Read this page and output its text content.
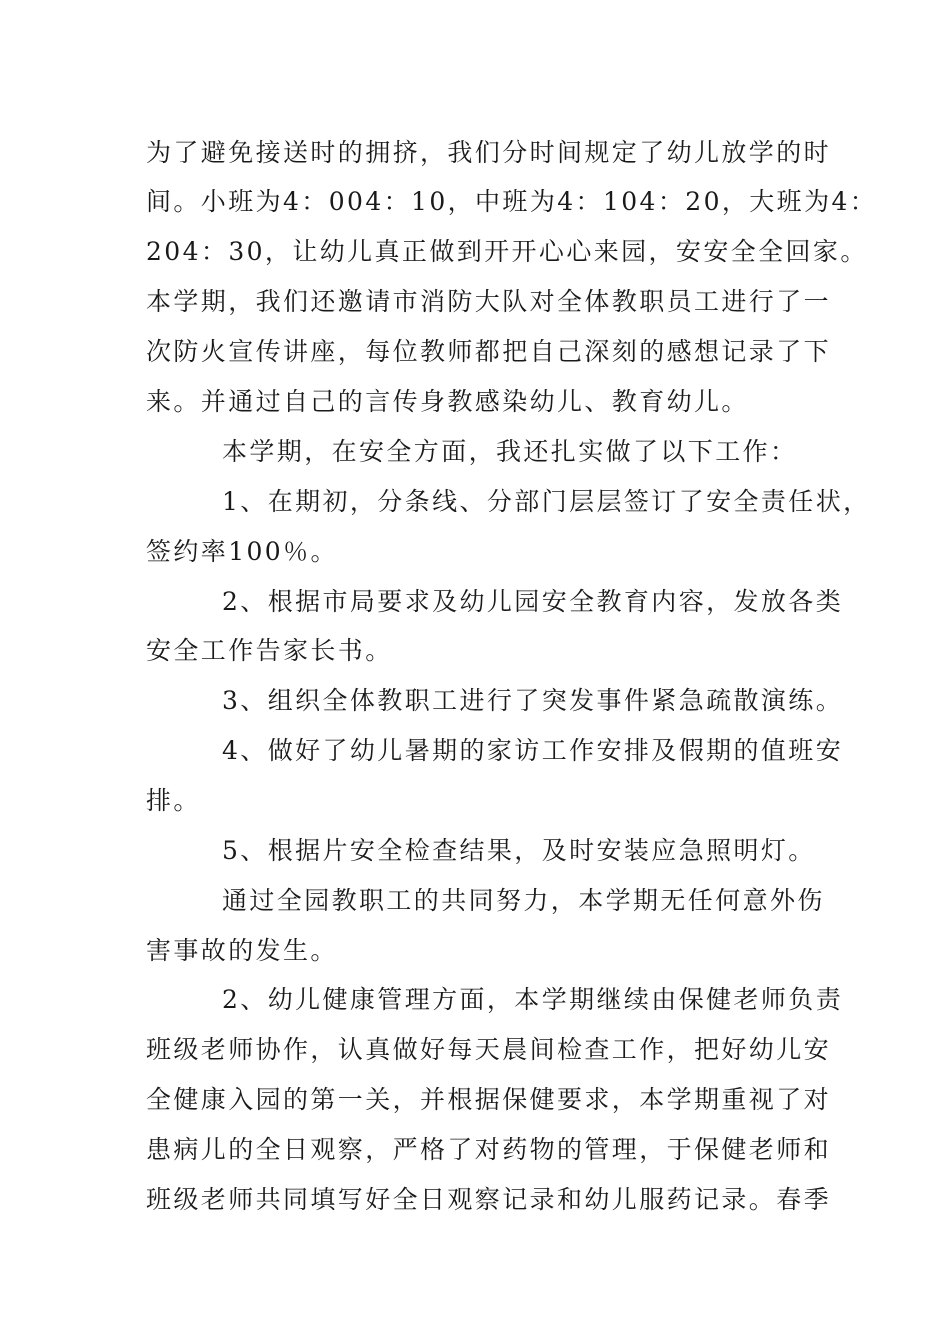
为了避免接送时的拥挤，我们分时间规定了幼儿放学的时
间。小班为4：004：10，中班为4：104：20，大班为4：
204：30，让幼儿真正做到开开心心来园，安安全全回家。
本学期，我们还邀请市消防大队对全体教职员工进行了一
次防火宣传讲座，每位教师都把自己深刻的感想记录了下
来。并通过自己的言传身教感染幼儿、教育幼儿。
本学期，在安全方面，我还扎实做了以下工作：
1、在期初，分条线、分部门层层签订了安全责任状，
签约率100％。
2、根据市局要求及幼儿园安全教育内容，发放各类
安全工作告家长书。
3、组织全体教职工进行了突发事件紧急疏散演练。
4、做好了幼儿暑期的家访工作安排及假期的值班安
排。
5、根据片安全检查结果，及时安装应急照明灯。
通过全园教职工的共同努力，本学期无任何意外伤
害事故的发生。
2、幼儿健康管理方面，本学期继续由保健老师负责
班级老师协作，认真做好每天晨间检查工作，把好幼儿安
全健康入园的第一关，并根据保健要求，本学期重视了对
患病儿的全日观察，严格了对药物的管理，于保健老师和
班级老师共同填写好全日观察记录和幼儿服药记录。春季
